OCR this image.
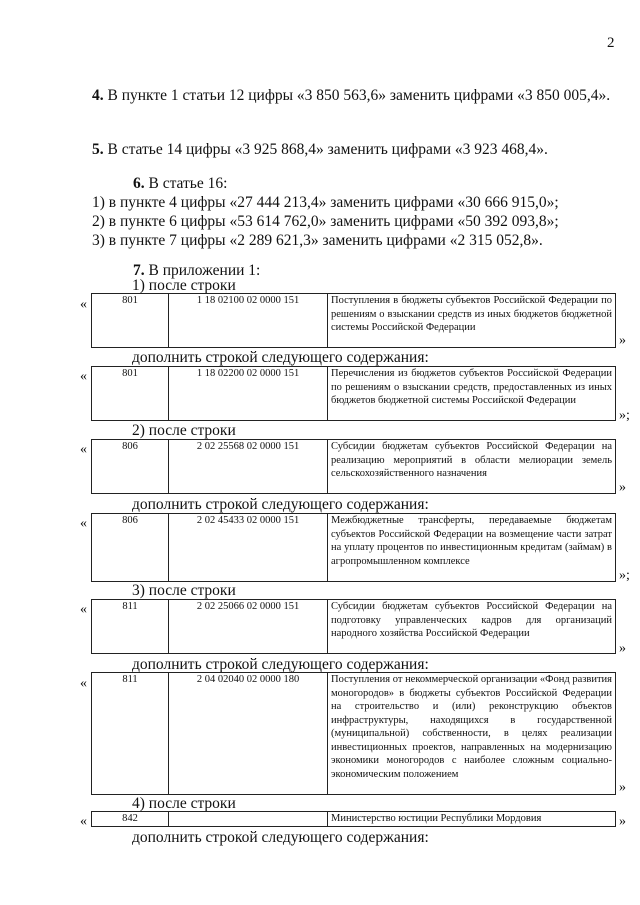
2

4. В пункте 1 статьи 12 цифры «3 850 563,6» заменить цифрами «3 850 005,4».

5. В статье 14 цифры «3 925 868,4» заменить цифрами «3 923 468,4».

6. В статье 16:

1) в пункте 4 цифры «27 444 213,4» заменить цифрами «30 666 915,0»;
2) в пункте 6 цифры «53 614 762,0» заменить цифрами «50 392 093,8»;
3) в пункте 7 цифры «2 289 621,3» заменить цифрами «2 315 052,8».

7. В приложении 1:

1) после строки
«	801	1 18 02100 02 0000 151	Поступления в бюджеты субъектов Российской Федерации по решениям о взыскании средств из иных бюджетов бюджетной системы Российской Федерации
»
дополнить строкой следующего содержания:
«	801	1 18 02200 02 0000 151	Перечисления из бюджетов субъектов Российской Федерации по решениям о взыскании средств, предоставленных из иных бюджетов бюджетной системы Российской Федерации
»;
2) после строки
«	806	2 02 25568 02 0000 151	Субсидии бюджетам субъектов Российской Федерации на реализацию мероприятий в области мелиорации земель сельскохозяйственного назначения
»
дополнить строкой следующего содержания:
«	806	2 02 45433 02 0000 151	Межбюджетные трансферты, передаваемые бюджетам субъектов Российской Федерации на возмещение части затрат на уплату процентов по инвестиционным кредитам (займам) в агропромышленном комплексе
»;
3) после строки
«	811	2 02 25066 02 0000 151	Субсидии бюджетам субъектов Российской Федерации на подготовку управленческих кадров для организаций народного хозяйства Российской Федерации
»
дополнить строкой следующего содержания:
«	811	2 04 02040 02 0000 180	Поступления от некоммерческой организации «Фонд развития моногородов» в бюджеты субъектов Российской Федерации на строительство и (или) реконструкцию объектов инфраструктуры, находящихся в государственной (муниципальной) собственности, в целях реализации инвестиционных проектов, направленных на модернизацию экономики моногородов с наиболее сложным социально-экономическим положением
»
4) после строки
«	842		Министерство юстиции Республики Мордовия	»
дополнить строкой следующего содержания:
